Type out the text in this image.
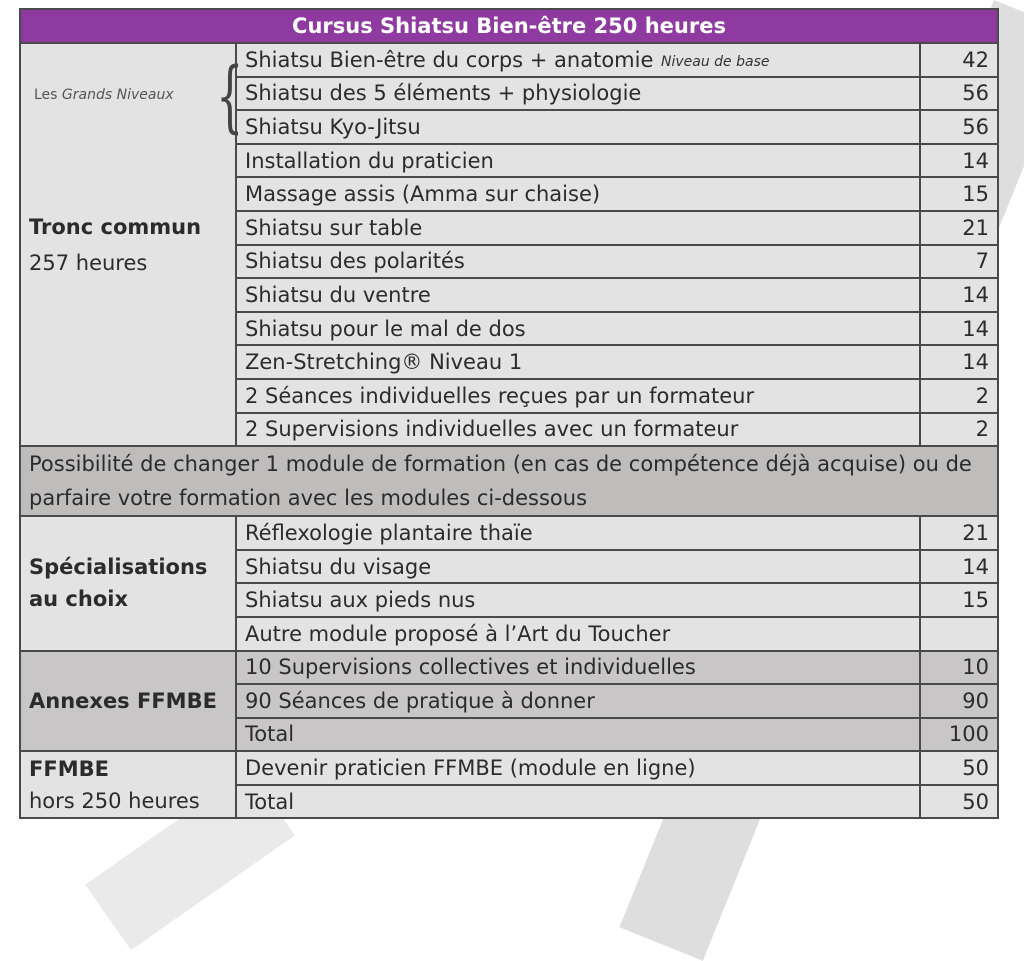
Cursus Shiatsu Bien-être 250 heures		

Tronc commun
257 heures	Shiatsu Bien-être du corps + anatomie	42
	Shiatsu des 5 éléments + physiologie	56
	Shiatsu Kyo-Jitsu	56
	Installation du praticien	14
	Massage assis (Amma sur chaise)	15
	Shiatsu sur table	21
	Shiatsu des polarités	7
	Shiatsu du ventre	14
	Shiatsu pour le mal de dos	14
	Zen-Stretching® Niveau 1	14
	2 Séances individuelles reçues par un formateur	2
	2 Supervisions individuelles avec un formateur	2
Possibilité de changer 1 module de formation (en cas de compétence déjà acquise) ou de parfaire votre formation avec les modules ci-dessous		

Spécialisations
au choix	Réflexologie plantaire thaïe	21
	Shiatsu du visage	14
	Shiatsu aux pieds nus	15
	Autre module proposé à l’Art du Toucher	

Annexes FFMBE	10 Supervisions collectives et individuelles	10
	90 Séances de pratique à donner	90
	Total	100

FFMBE
hors 250 heures	Devenir praticien FFMBE (module en ligne)	50
	Total	50
Les Grands Niveaux {	Niveau de base
